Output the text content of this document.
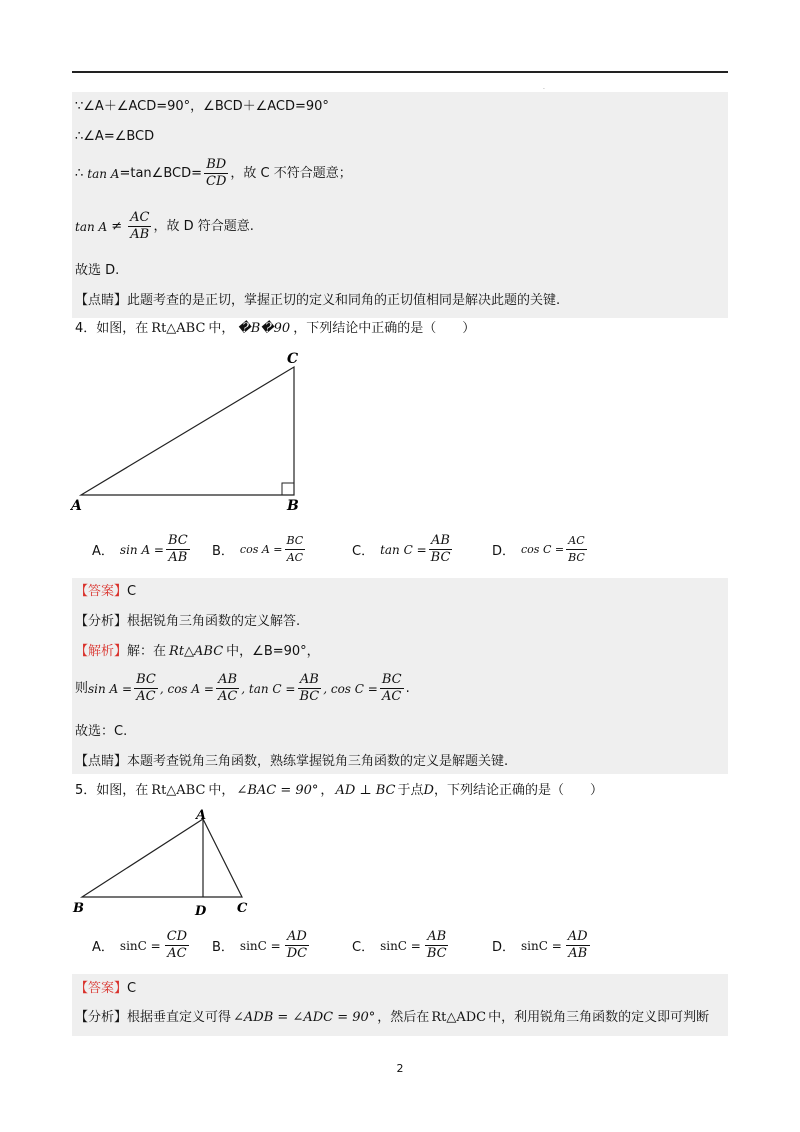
·
∵∠A＋∠ACD=90°，∠BCD＋∠ACD=90°
∴∠A=∠BCD
∴ tan A =tan∠BCD= $\frac{BD}{CD}$ ，故 C 不符合题意；
$\tan A \ne \frac{AC}{AB}$ ，故 D 符合题意.
故选 D.
【点睛】此题考查的是正切，掌握正切的定义和同角的正切值相同是解决此题的关键.
4．如图，在 Rt△ABC 中， �B�90 ，下列结论中正确的是（　　）
A	B
C
A． $\sin A = \frac{BC}{AB}$ B． $\cos A = \frac{BC}{AC}$	C． $\tan C = \frac{AB}{BC}$	D． $\cos C = \frac{AC}{BC}$
【答案】C
【分析】根据锐角三角函数的定义解答.
【解析】 解：在 Rt△ABC 中，∠B=90°，
则 $\sin A = \frac{BC}{AC}$ , $\cos A = \frac{AB}{AC}$ , $\tan C = \frac{AB}{BC}$ , $\cos C = \frac{BC}{AC}$ .
故选：C.
【点睛】本题考查锐角三角函数，熟练掌握锐角三角函数的定义是解题关键.
5．如图，在 Rt△ABC 中， ∠BAC = 90° ， AD ⊥ BC 于点 D ，下列结论正确的是（　　）
A
B	C
D
A． $\sin C = \frac{CD}{AC}$ B． $\sin C = \frac{AD}{DC}$	C． $\sin C = \frac{AB}{BC}$	D． $\sin C = \frac{AD}{AB}$
【答案】C
【分析】 根据垂直定义可得 ∠ADB = ∠ADC = 90° ，然后在 Rt△ADC 中，利用锐角三角函数的定义即可判断
2
